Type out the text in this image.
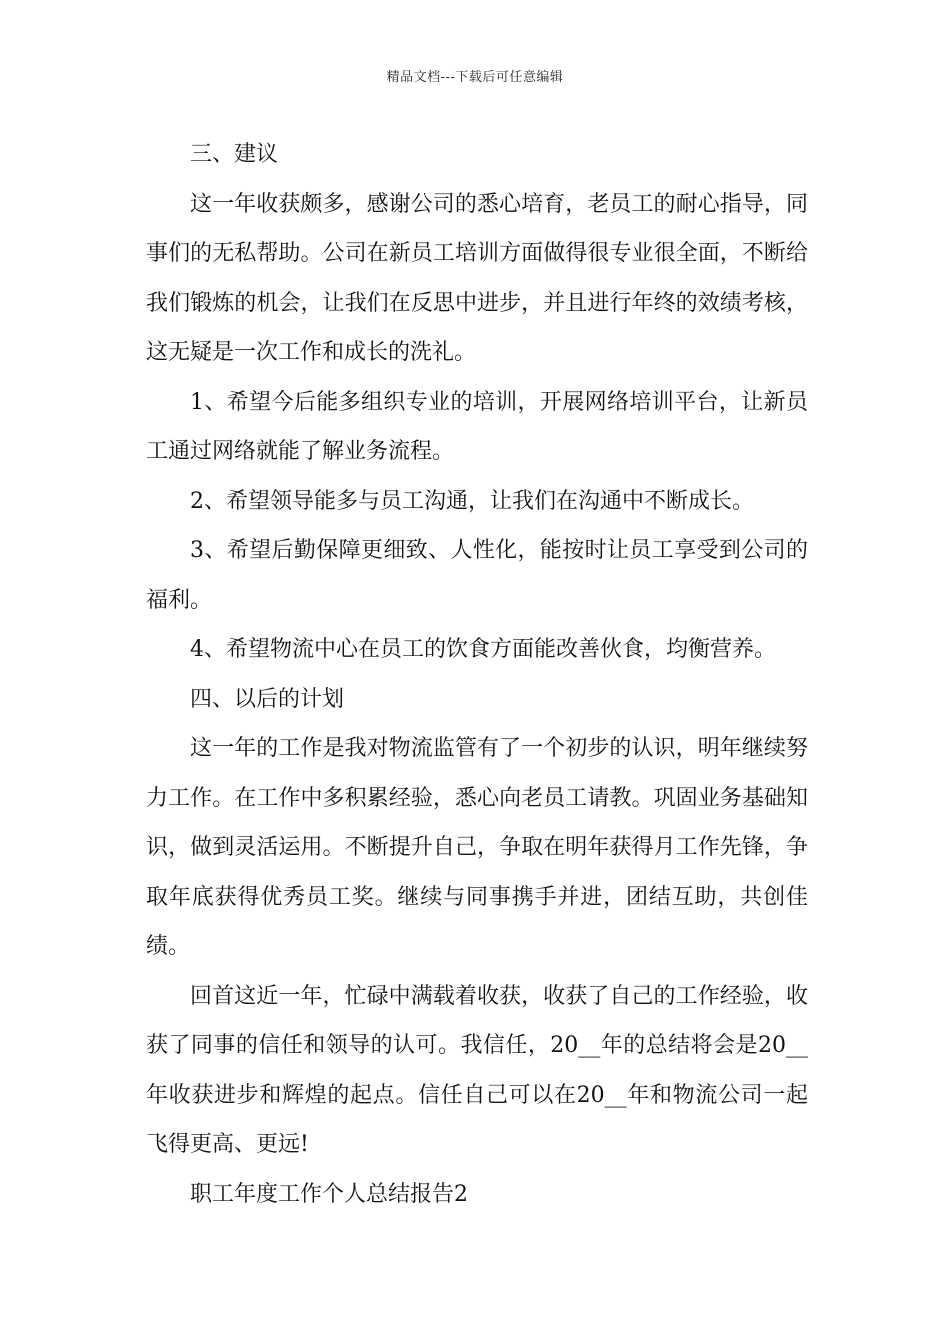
精品文档---下载后可任意编辑

三、建议

这一年收获颇多，感谢公司的悉心培育，老员工的耐心指导，同事们的无私帮助。公司在新员工培训方面做得很专业很全面，不断给我们锻炼的机会，让我们在反思中进步，并且进行年终的效绩考核，这无疑是一次工作和成长的洗礼。

1、希望今后能多组织专业的培训，开展网络培训平台，让新员工通过网络就能了解业务流程。

2、希望领导能多与员工沟通，让我们在沟通中不断成长。

3、希望后勤保障更细致、人性化，能按时让员工享受到公司的福利。

4、希望物流中心在员工的饮食方面能改善伙食，均衡营养。

四、以后的计划

这一年的工作是我对物流监管有了一个初步的认识，明年继续努力工作。在工作中多积累经验，悉心向老员工请教。巩固业务基础知识，做到灵活运用。不断提升自己，争取在明年获得月工作先锋，争取年底获得优秀员工奖。继续与同事携手并进，团结互助，共创佳绩。

回首这近一年，忙碌中满载着收获，收获了自己的工作经验，收获了同事的信任和领导的认可。我信任，20__年的总结将会是20__年收获进步和辉煌的起点。信任自己可以在20__年和物流公司一起飞得更高、更远!

职工年度工作个人总结报告2
